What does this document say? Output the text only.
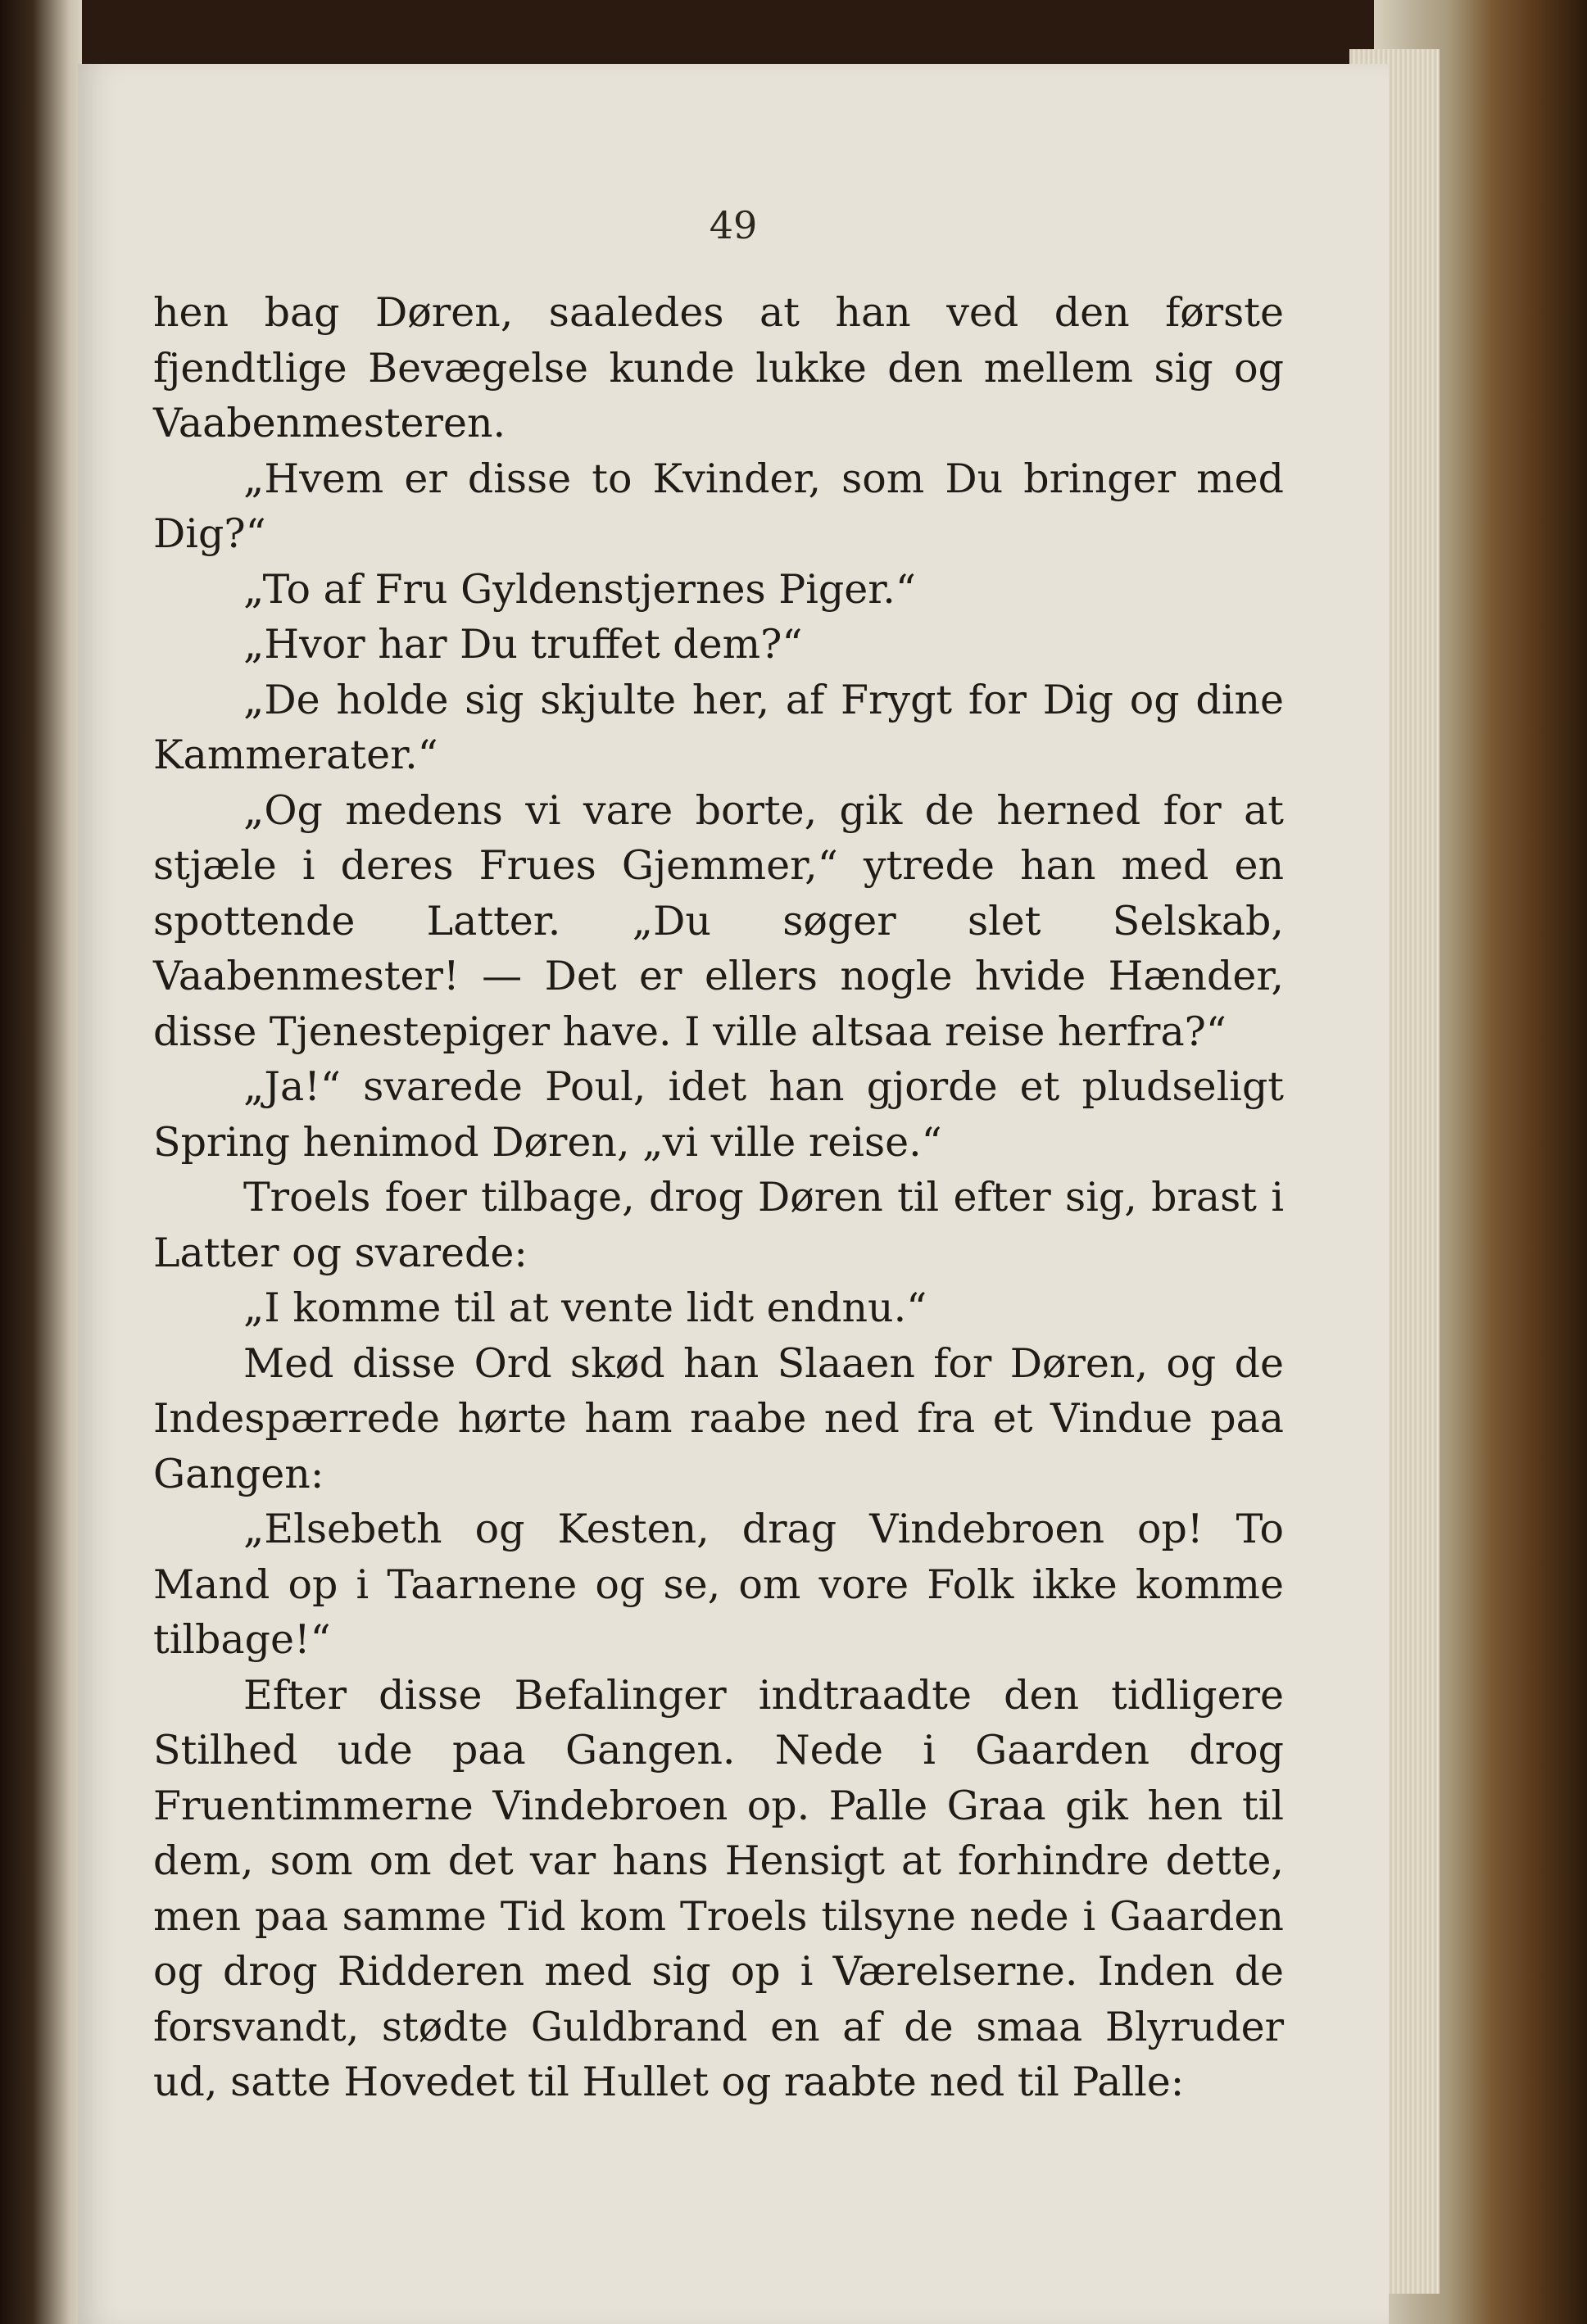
49

hen bag Døren, saaledes at han ved den første fjendtlige Bevægelse kunde lukke den mellem sig og Vaabenmesteren.

„Hvem er disse to Kvinder, som Du bringer med Dig?“

„To af Fru Gyldenstjernes Piger.“

„Hvor har Du truffet dem?“

„De holde sig skjulte her, af Frygt for Dig og dine Kammerater.“

„Og medens vi vare borte, gik de herned for at stjæle i deres Frues Gjemmer,“ ytrede han med en spottende Latter. „Du søger slet Selskab, Vaabenmester! — Det er ellers nogle hvide Hænder, disse Tjenestepiger have. I ville altsaa reise herfra?“

„Ja!“ svarede Poul, idet han gjorde et pludseligt Spring henimod Døren, „vi ville reise.“

Troels foer tilbage, drog Døren til efter sig, brast i Latter og svarede:

„I komme til at vente lidt endnu.“

Med disse Ord skød han Slaaen for Døren, og de Indespærrede hørte ham raabe ned fra et Vindue paa Gangen:

„Elsebeth og Kesten, drag Vindebroen op! To Mand op i Taarnene og se, om vore Folk ikke komme tilbage!“

Efter disse Befalinger indtraadte den tidligere Stilhed ude paa Gangen. Nede i Gaarden drog Fruentimmerne Vindebroen op. Palle Graa gik hen til dem, som om det var hans Hensigt at forhindre dette, men paa samme Tid kom Troels tilsyne nede i Gaarden og drog Ridderen med sig op i Værelserne. Inden de forsvandt, stødte Guldbrand en af de smaa Blyruder ud, satte Hovedet til Hullet og raabte ned til Palle:
